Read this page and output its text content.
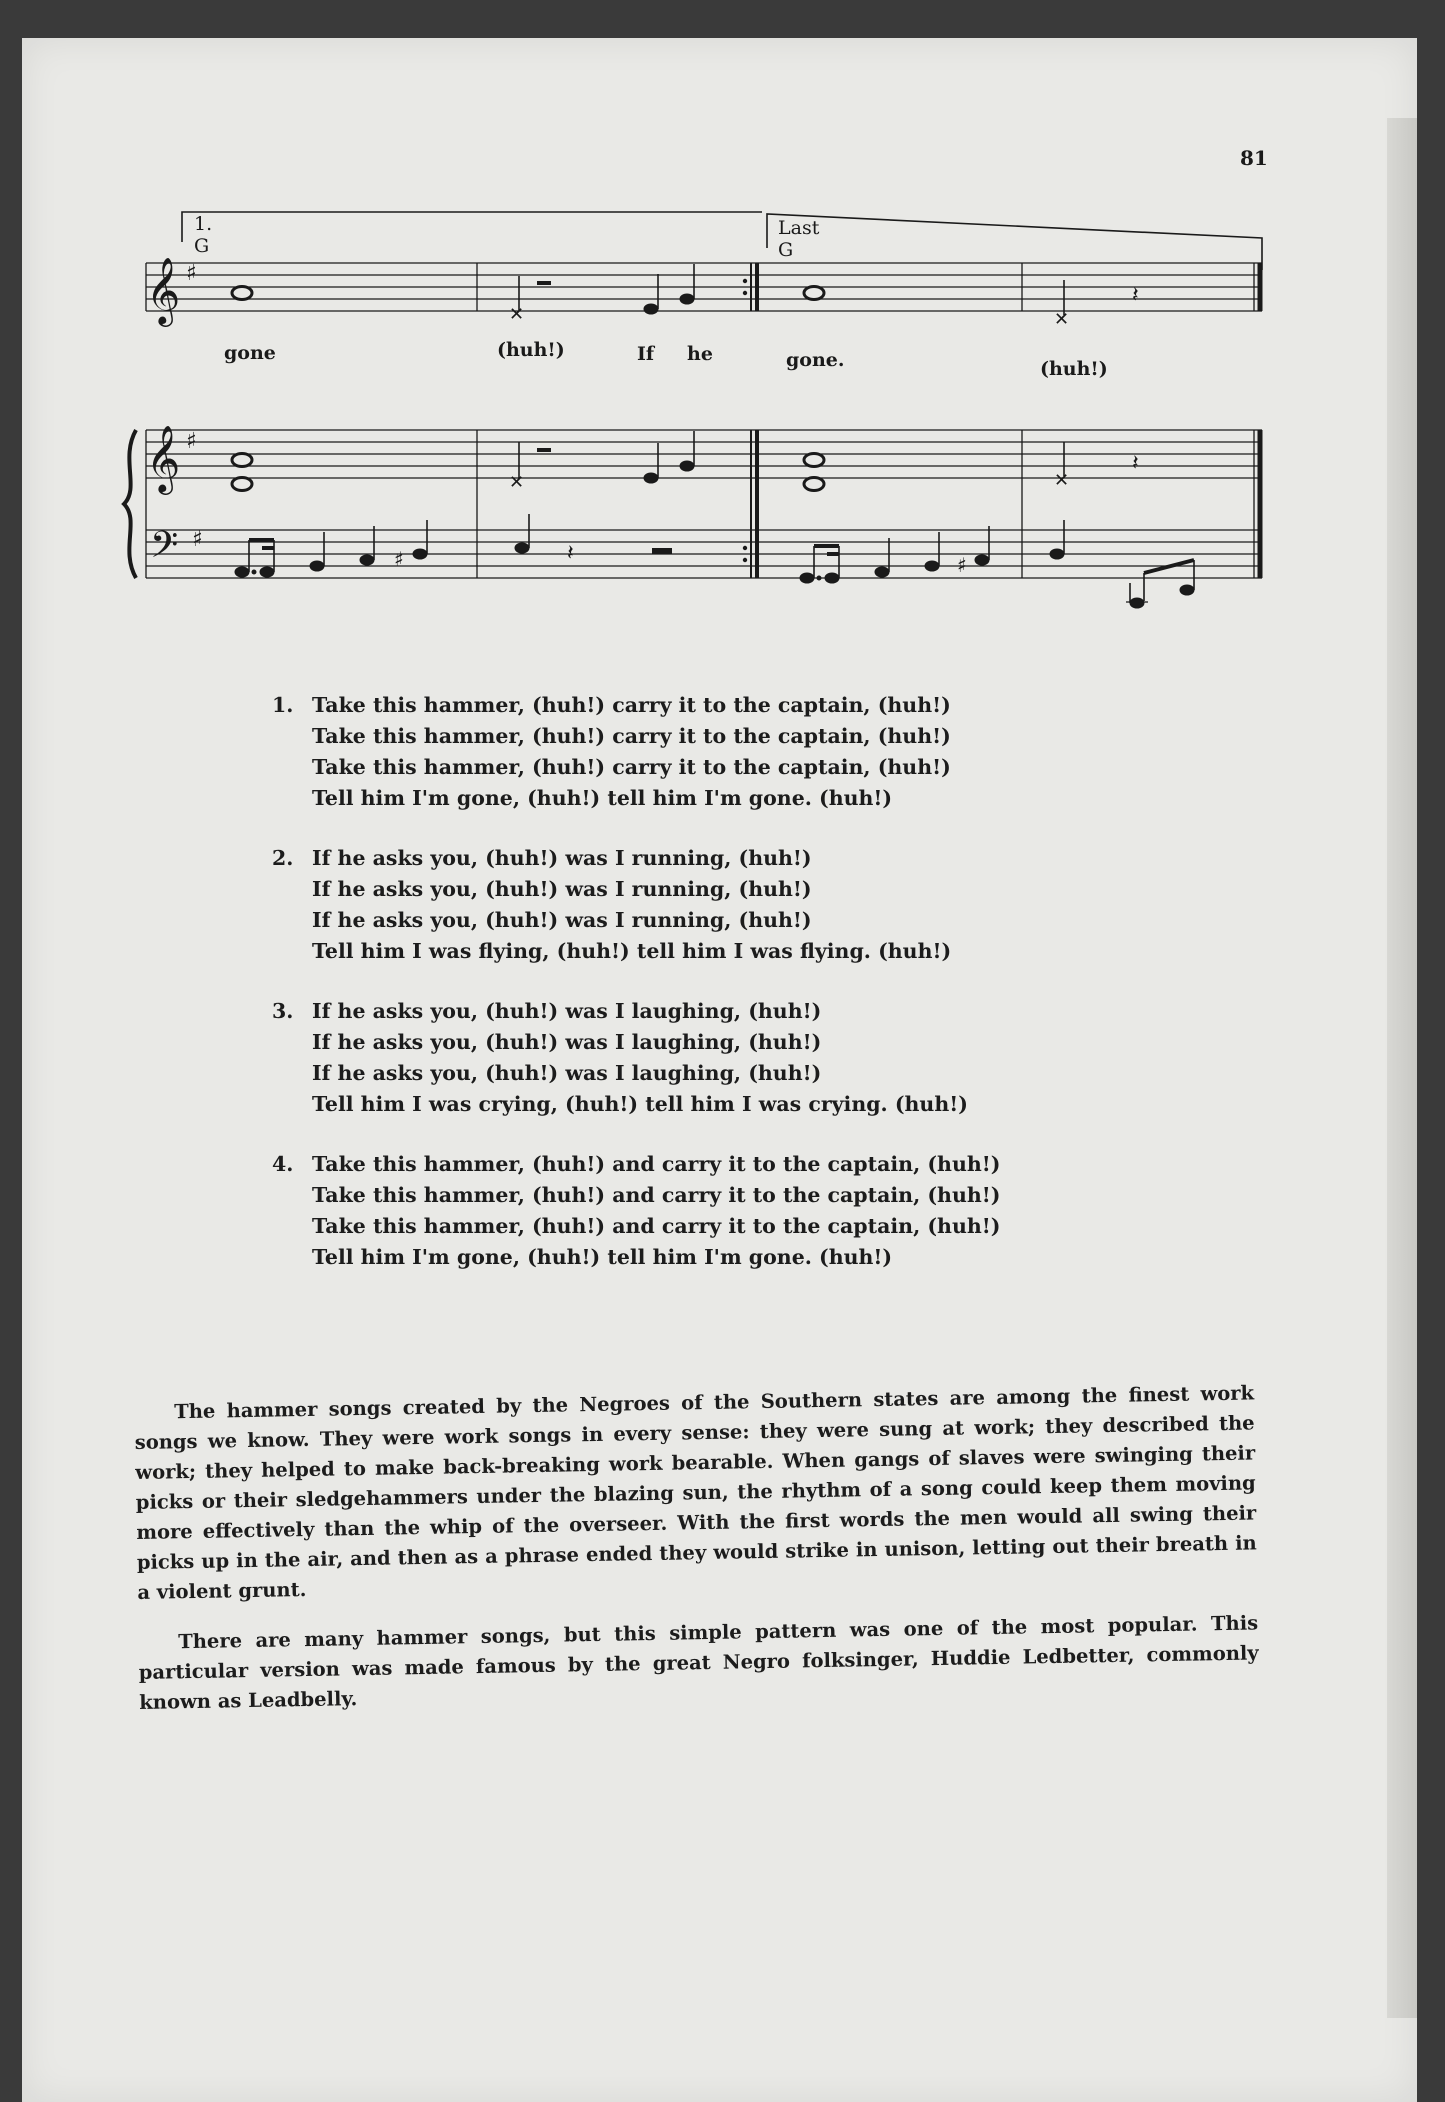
81
1.
G
Last
G
𝄞 ♯
✕	✕
𝄽
gone	(huh!)	If he	gone.	(huh!)
𝄞 ♯
✕	✕
𝄽
𝄢 ♯
♯	𝄽	♯
1. Take this hammer, (huh!) carry it to the captain, (huh!)
Take this hammer, (huh!) carry it to the captain, (huh!)
Take this hammer, (huh!) carry it to the captain, (huh!)
Tell him I'm gone, (huh!) tell him I'm gone. (huh!)
2. If he asks you, (huh!) was I running, (huh!)
If he asks you, (huh!) was I running, (huh!)
If he asks you, (huh!) was I running, (huh!)
Tell him I was flying, (huh!) tell him I was flying. (huh!)
3. If he asks you, (huh!) was I laughing, (huh!)
If he asks you, (huh!) was I laughing, (huh!)
If he asks you, (huh!) was I laughing, (huh!)
Tell him I was crying, (huh!) tell him I was crying. (huh!)
4. Take this hammer, (huh!) and carry it to the captain, (huh!)
Take this hammer, (huh!) and carry it to the captain, (huh!)
Take this hammer, (huh!) and carry it to the captain, (huh!)
Tell him I'm gone, (huh!) tell him I'm gone. (huh!)

The hammer songs created by the Negroes of the Southern states are among the finest work songs we know. They were work songs in every sense: they were sung at work; they described the work; they helped to make back-breaking work bearable. When gangs of slaves were swinging their picks or their sledgehammers under the blazing sun, the rhythm of a song could keep them moving more effectively than the whip of the overseer. With the first words the men would all swing their picks up in the air, and then as a phrase ended they would strike in unison, letting out their breath in a violent grunt.

There are many hammer songs, but this simple pattern was one of the most popular. This particular version was made famous by the great Negro folksinger, Huddie Ledbetter, commonly known as Leadbelly.
